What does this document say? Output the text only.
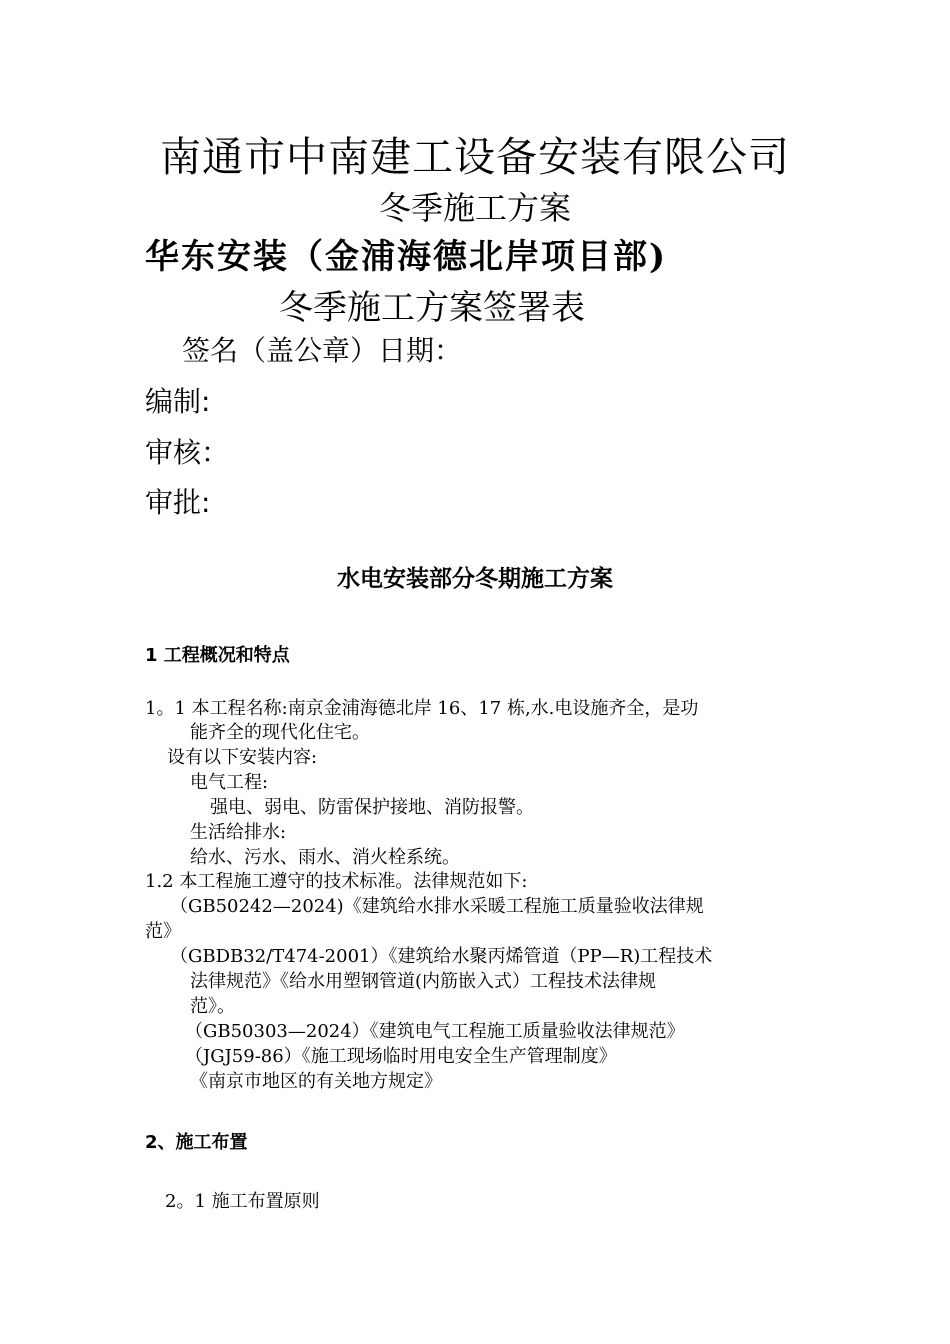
南通市中南建工设备安装有限公司
冬季施工方案
华东安装（金浦海德北岸项目部)
冬季施工方案签署表
签名（盖公章）日期：
编制:
审核：
审批:
水电安装部分冬期施工方案
1 工程概况和特点
1。1 本工程名称:南京金浦海德北岸 16、17 栋,水.电设施齐全，是功
能齐全的现代化住宅。
设有以下安装内容:
电气工程:
强电、弱电、防雷保护接地、消防报警。
生活给排水:
给水、污水、雨水、消火栓系统。
1.2 本工程施工遵守的技术标准。法律规范如下:
（GB50242—2024)《建筑给水排水采暖工程施工质量验收法律规
范》
（GBDB32/T474-2001）《建筑给水聚丙烯管道（PP—R)工程技术
法律规范》《给水用塑钢管道(内筋嵌入式）工程技术法律规
范》。
（GB50303—2024）《建筑电气工程施工质量验收法律规范》
（JGJ59-86）《施工现场临时用电安全生产管理制度》
《南京市地区的有关地方规定》
2、施工布置
2。1 施工布置原则
